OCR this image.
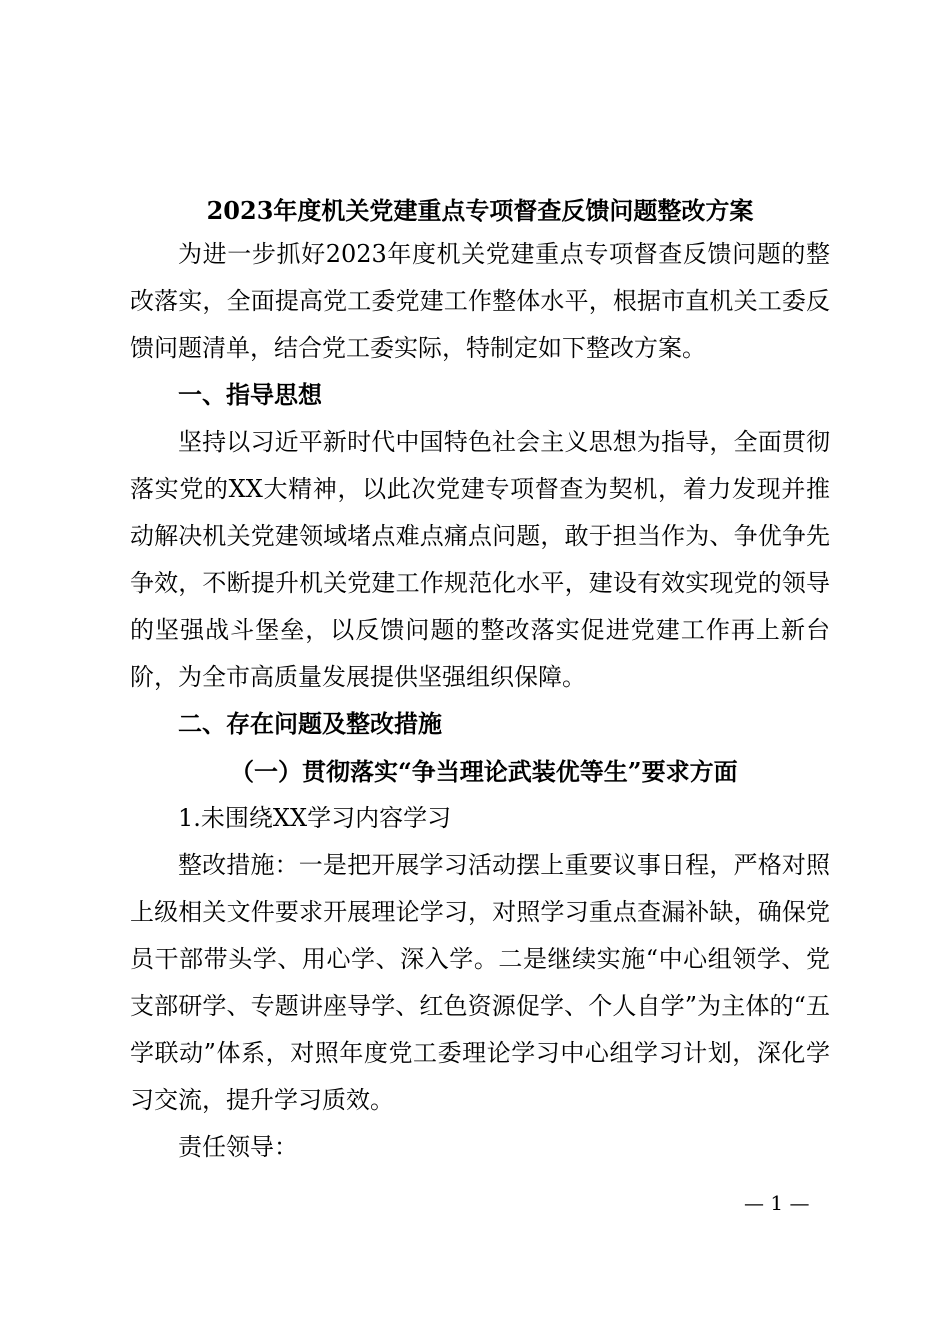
2023年度机关党建重点专项督查反馈问题整改方案

为进一步抓好2023年度机关党建重点专项督查反馈问题的整改落实，全面提高党工委党建工作整体水平，根据市直机关工委反馈问题清单，结合党工委实际，特制定如下整改方案。

一、指导思想

坚持以习近平新时代中国特色社会主义思想为指导，全面贯彻落实党的XX大精神，以此次党建专项督查为契机，着力发现并推动解决机关党建领域堵点难点痛点问题，敢于担当作为、争优争先争效，不断提升机关党建工作规范化水平，建设有效实现党的领导的坚强战斗堡垒，以反馈问题的整改落实促进党建工作再上新台阶，为全市高质量发展提供坚强组织保障。

二、存在问题及整改措施
（一）贯彻落实“争当理论武装优等生”要求方面

1.未围绕XX学习内容学习

整改措施：一是把开展学习活动摆上重要议事日程，严格对照上级相关文件要求开展理论学习，对照学习重点查漏补缺，确保党员干部带头学、用心学、深入学。二是继续实施“中心组领学、党支部研学、专题讲座导学、红色资源促学、个人自学”为主体的“五学联动”体系，对照年度党工委理论学习中心组学习计划，深化学习交流，提升学习质效。

责任领导：

— 1 —
